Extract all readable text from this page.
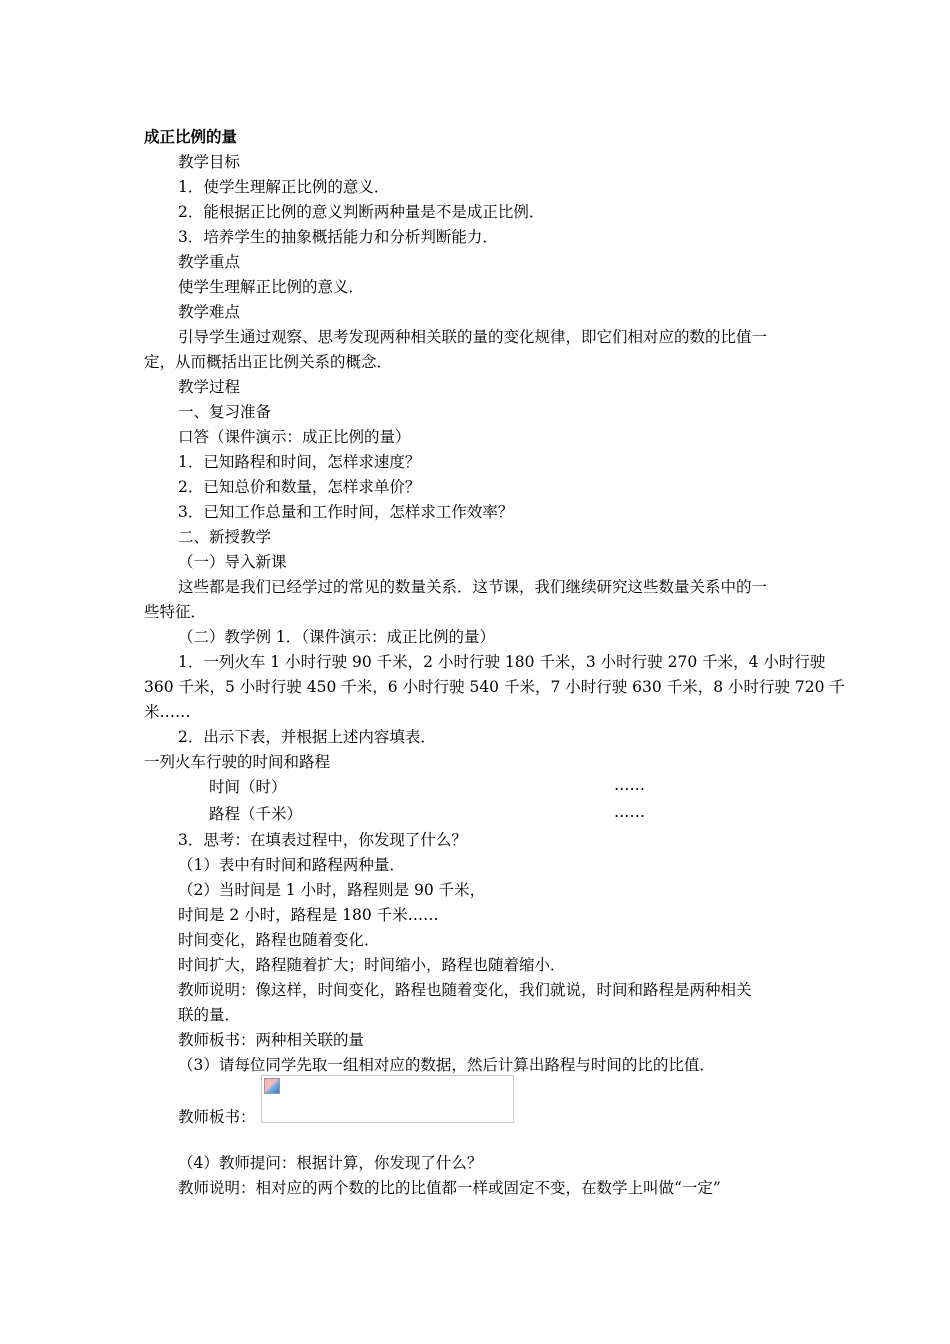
成正比例的量
教学目标
1．使学生理解正比例的意义．
2．能根据正比例的意义判断两种量是不是成正比例．
3．培养学生的抽象概括能力和分析判断能力．
教学重点
使学生理解正比例的意义．
教学难点
引导学生通过观察、思考发现两种相关联的量的变化规律，即它们相对应的数的比值一
定，从而概括出正比例关系的概念．
教学过程
一、复习准备
口答（课件演示：成正比例的量）
1．已知路程和时间，怎样求速度？
2．已知总价和数量，怎样求单价？
3．已知工作总量和工作时间，怎样求工作效率？
二、新授教学
（一）导入新课
这些都是我们已经学过的常见的数量关系．这节课，我们继续研究这些数量关系中的一
些特征．
（二）教学例 1．（课件演示：成正比例的量）
1．一列火车 1 小时行驶 90 千米，2 小时行驶 180 千米，3 小时行驶 270 千米，4 小时行驶
360 千米，5 小时行驶 450 千米，6 小时行驶 540 千米，7 小时行驶 630 千米，8 小时行驶 720 千
米……
2．出示下表，并根据上述内容填表．
一列火车行驶的时间和路程
时间（时）	……
路程（千米）	……
3．思考：在填表过程中，你发现了什么？
（1）表中有时间和路程两种量．
（2）当时间是 1 小时，路程则是 90 千米，
时间是 2 小时，路程是 180 千米……
时间变化，路程也随着变化．
时间扩大，路程随着扩大；时间缩小，路程也随着缩小．
教师说明：像这样，时间变化，路程也随着变化，我们就说，时间和路程是两种相关
联的量．
教师板书：两种相关联的量
（3）请每位同学先取一组相对应的数据，然后计算出路程与时间的比的比值．
教师板书：
（4）教师提问：根据计算，你发现了什么？
教师说明：相对应的两个数的比的比值都一样或固定不变，在数学上叫做“一定”
